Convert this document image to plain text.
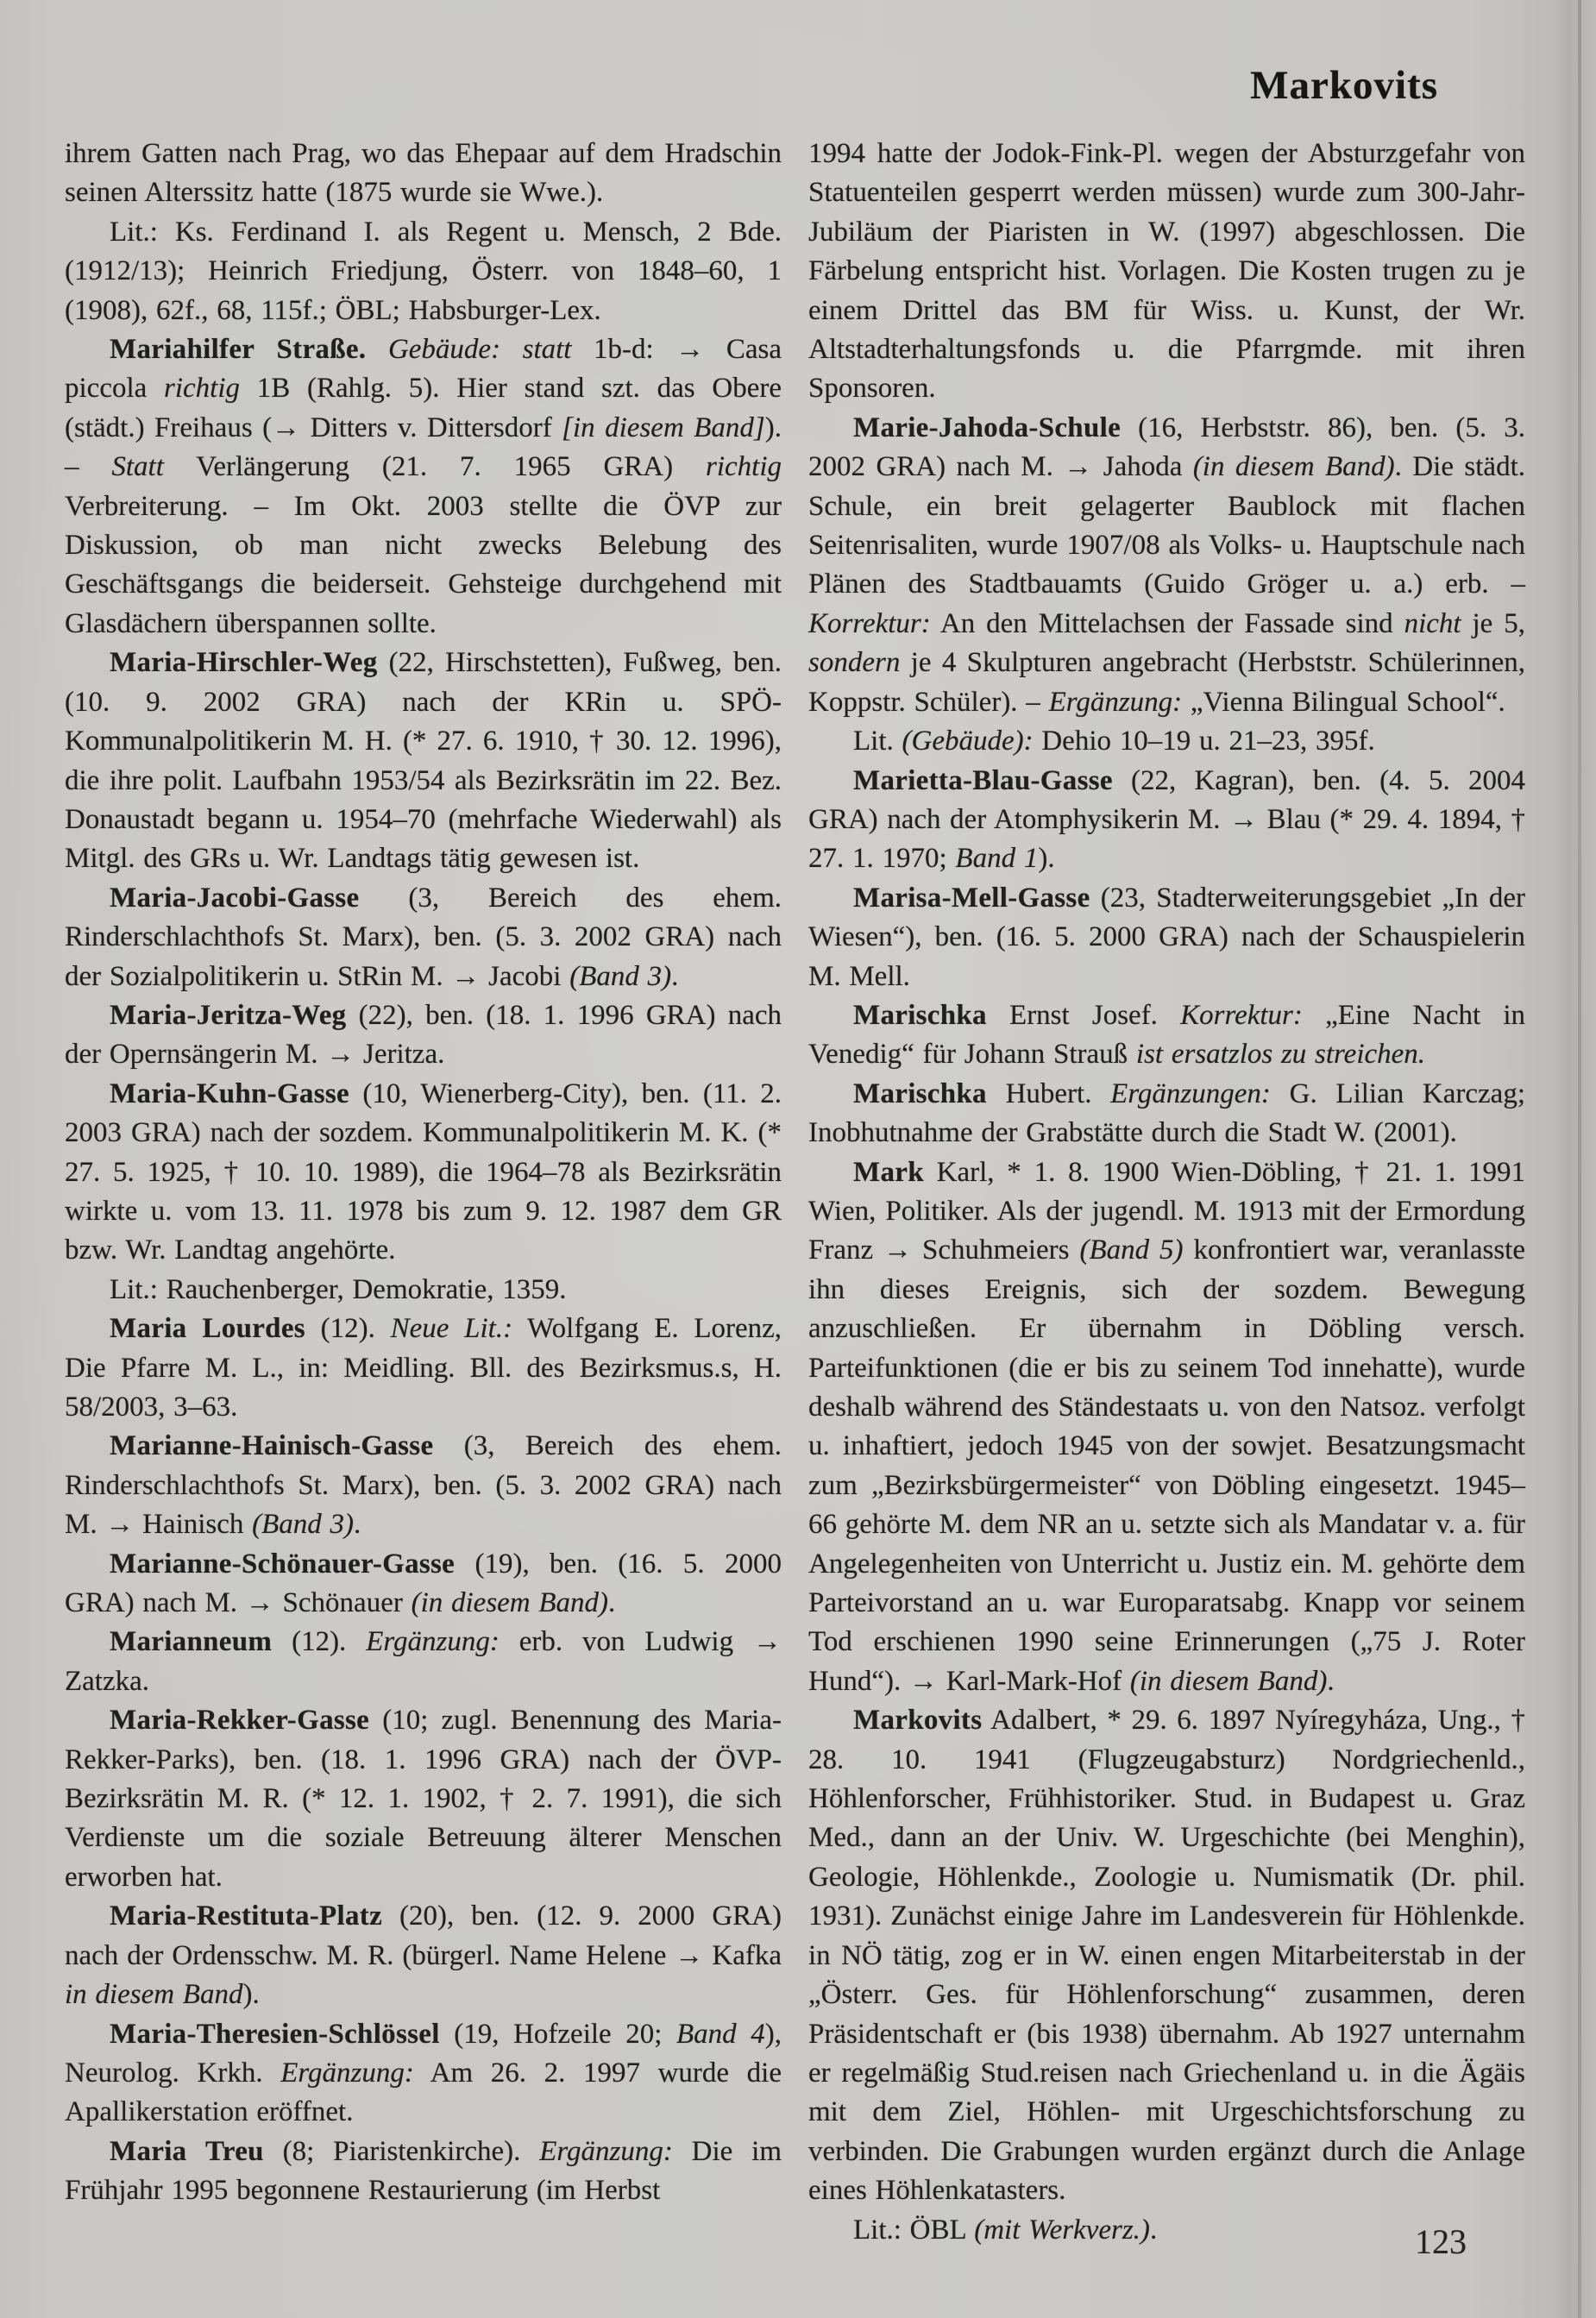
Markovits

ihrem Gatten nach Prag, wo das Ehepaar auf dem Hradschin seinen Alterssitz hatte (1875 wurde sie Wwe.).

Lit.: Ks. Ferdinand I. als Regent u. Mensch, 2 Bde. (1912/13); Heinrich Friedjung, Österr. von 1848–60, 1 (1908), 62f., 68, 115f.; ÖBL; Habsburger-Lex.

Mariahilfer Straße. Gebäude: statt 1b-d: → Casa piccola richtig 1B (Rahlg. 5). Hier stand szt. das Obere (städt.) Freihaus (→ Ditters v. Dittersdorf [in diesem Band]). – Statt Verlängerung (21. 7. 1965 GRA) richtig Verbreiterung. – Im Okt. 2003 stellte die ÖVP zur Diskussion, ob man nicht zwecks Belebung des Geschäftsgangs die beiderseit. Gehsteige durchgehend mit Glasdächern überspannen sollte.

Maria-Hirschler-Weg (22, Hirschstetten), Fußweg, ben. (10. 9. 2002 GRA) nach der KRin u. SPÖ-Kommunalpolitikerin M. H. (* 27. 6. 1910, † 30. 12. 1996), die ihre polit. Laufbahn 1953/54 als Bezirksrätin im 22. Bez. Donaustadt begann u. 1954–70 (mehrfache Wiederwahl) als Mitgl. des GRs u. Wr. Landtags tätig gewesen ist.

Maria-Jacobi-Gasse (3, Bereich des ehem. Rinderschlachthofs St. Marx), ben. (5. 3. 2002 GRA) nach der Sozialpolitikerin u. StRin M. → Jacobi (Band 3).

Maria-Jeritza-Weg (22), ben. (18. 1. 1996 GRA) nach der Opernsängerin M. → Jeritza.

Maria-Kuhn-Gasse (10, Wienerberg-City), ben. (11. 2. 2003 GRA) nach der sozdem. Kommunalpolitikerin M. K. (* 27. 5. 1925, † 10. 10. 1989), die 1964–78 als Bezirksrätin wirkte u. vom 13. 11. 1978 bis zum 9. 12. 1987 dem GR bzw. Wr. Landtag angehörte.

Lit.: Rauchenberger, Demokratie, 1359.

Maria Lourdes (12). Neue Lit.: Wolfgang E. Lorenz, Die Pfarre M. L., in: Meidling. Bll. des Bezirksmus.s, H. 58/2003, 3–63.

Marianne-Hainisch-Gasse (3, Bereich des ehem. Rinderschlachthofs St. Marx), ben. (5. 3. 2002 GRA) nach M. → Hainisch (Band 3).

Marianne-Schönauer-Gasse (19), ben. (16. 5. 2000 GRA) nach M. → Schönauer (in diesem Band).

Marianneum (12). Ergänzung: erb. von Ludwig → Zatzka.

Maria-Rekker-Gasse (10; zugl. Benennung des Maria-Rekker-Parks), ben. (18. 1. 1996 GRA) nach der ÖVP-Bezirksrätin M. R. (* 12. 1. 1902, † 2. 7. 1991), die sich Verdienste um die soziale Betreuung älterer Menschen erworben hat.

Maria-Restituta-Platz (20), ben. (12. 9. 2000 GRA) nach der Ordensschw. M. R. (bürgerl. Name Helene → Kafka in diesem Band).

Maria-Theresien-Schlössel (19, Hofzeile 20; Band 4), Neurolog. Krkh. Ergänzung: Am 26. 2. 1997 wurde die Apallikerstation eröffnet.

Maria Treu (8; Piaristenkirche). Ergänzung: Die im Frühjahr 1995 begonnene Restaurierung (im Herbst

1994 hatte der Jodok-Fink-Pl. wegen der Absturzgefahr von Statuenteilen gesperrt werden müssen) wurde zum 300-Jahr-Jubiläum der Piaristen in W. (1997) abgeschlossen. Die Färbelung entspricht hist. Vorlagen. Die Kosten trugen zu je einem Drittel das BM für Wiss. u. Kunst, der Wr. Altstadterhaltungsfonds u. die Pfarrgmde. mit ihren Sponsoren.

Marie-Jahoda-Schule (16, Herbststr. 86), ben. (5. 3. 2002 GRA) nach M. → Jahoda (in diesem Band). Die städt. Schule, ein breit gelagerter Baublock mit flachen Seitenrisaliten, wurde 1907/08 als Volks- u. Hauptschule nach Plänen des Stadtbauamts (Guido Gröger u. a.) erb. – Korrektur: An den Mittelachsen der Fassade sind nicht je 5, sondern je 4 Skulpturen angebracht (Herbststr. Schülerinnen, Koppstr. Schüler). – Ergänzung: „Vienna Bilingual School“.

Lit. (Gebäude): Dehio 10–19 u. 21–23, 395f.

Marietta-Blau-Gasse (22, Kagran), ben. (4. 5. 2004 GRA) nach der Atomphysikerin M. → Blau (* 29. 4. 1894, † 27. 1. 1970; Band 1).

Marisa-Mell-Gasse (23, Stadterweiterungsgebiet „In der Wiesen“), ben. (16. 5. 2000 GRA) nach der Schauspielerin M. Mell.

Marischka Ernst Josef. Korrektur: „Eine Nacht in Venedig“ für Johann Strauß ist ersatzlos zu streichen.

Marischka Hubert. Ergänzungen: G. Lilian Karczag; Inobhutnahme der Grabstätte durch die Stadt W. (2001).

Mark Karl, * 1. 8. 1900 Wien-Döbling, † 21. 1. 1991 Wien, Politiker. Als der jugendl. M. 1913 mit der Ermordung Franz → Schuhmeiers (Band 5) konfrontiert war, veranlasste ihn dieses Ereignis, sich der sozdem. Bewegung anzuschließen. Er übernahm in Döbling versch. Parteifunktionen (die er bis zu seinem Tod innehatte), wurde deshalb während des Ständestaats u. von den Natsoz. verfolgt u. inhaftiert, jedoch 1945 von der sowjet. Besatzungsmacht zum „Bezirksbürgermeister“ von Döbling eingesetzt. 1945–66 gehörte M. dem NR an u. setzte sich als Mandatar v. a. für Angelegenheiten von Unterricht u. Justiz ein. M. gehörte dem Parteivorstand an u. war Europaratsabg. Knapp vor seinem Tod erschienen 1990 seine Erinnerungen („75 J. Roter Hund“). → Karl-Mark-Hof (in diesem Band).

Markovits Adalbert, * 29. 6. 1897 Nyíregyháza, Ung., † 28. 10. 1941 (Flugzeugabsturz) Nordgriechenld., Höhlenforscher, Frühhistoriker. Stud. in Budapest u. Graz Med., dann an der Univ. W. Urgeschichte (bei Menghin), Geologie, Höhlenkde., Zoologie u. Numismatik (Dr. phil. 1931). Zunächst einige Jahre im Landesverein für Höhlenkde. in NÖ tätig, zog er in W. einen engen Mitarbeiterstab in der „Österr. Ges. für Höhlenforschung“ zusammen, deren Präsidentschaft er (bis 1938) übernahm. Ab 1927 unternahm er regelmäßig Stud.reisen nach Griechenland u. in die Ägäis mit dem Ziel, Höhlen- mit Urgeschichtsforschung zu verbinden. Die Grabungen wurden ergänzt durch die Anlage eines Höhlenkatasters.

Lit.: ÖBL (mit Werkverz.).	123
